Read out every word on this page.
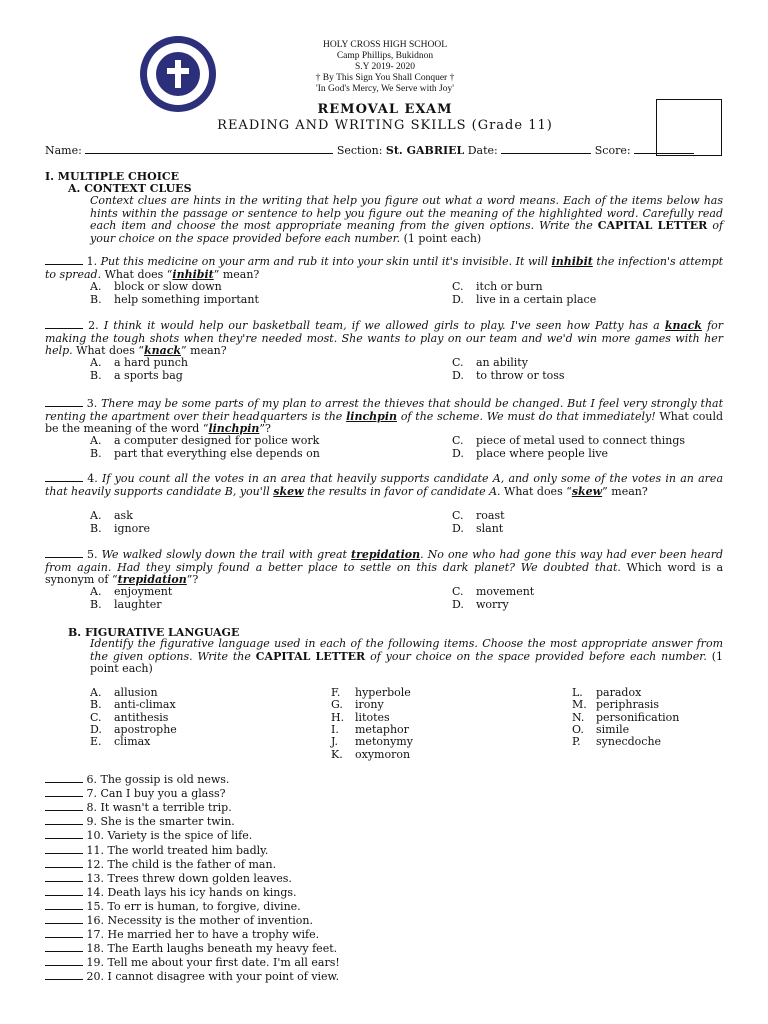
HOLY CROSS HIGH SCHOOL
Camp Phillips, Bukidnon
S.Y 2019- 2020
† By This Sign You Shall Conquer †
'In God's Mercy, We Serve with Joy'
REMOVAL EXAM
READING AND WRITING SKILLS (Grade 11)
Name:	Section: St. GABRIEL Date:	Score:
I. MULTIPLE CHOICE
A. CONTEXT CLUES
Context clues are hints in the writing that help you figure out what a word means. Each of the items below has hints within the passage or sentence to help you figure out the meaning of the highlighted word. Carefully read each item and choose the most appropriate meaning from the given options. Write the CAPITAL LETTER of your choice on the space provided before each number. (1 point each)
1. Put this medicine on your arm and rub it into your skin until it's invisible. It will inhibit the infection's attempt to spread. What does “inhibit” mean?
A. block or slow down
B. help something important
C. itch or burn
D. live in a certain place
2. I think it would help our basketball team, if we allowed girls to play. I've seen how Patty has a knack for making the tough shots when they're needed most. She wants to play on our team and we'd win more games with her help. What does “knack” mean?
A. a hard punch
B. a sports bag
C. an ability
D. to throw or toss
3. There may be some parts of my plan to arrest the thieves that should be changed. But I feel very strongly that renting the apartment over their headquarters is the linchpin of the scheme. We must do that immediately! What could be the meaning of the word “linchpin”?
A. a computer designed for police work
B. part that everything else depends on
C. piece of metal used to connect things
D. place where people live
4. If you count all the votes in an area that heavily supports candidate A, and only some of the votes in an area that heavily supports candidate B, you'll skew the results in favor of candidate A. What does “skew” mean?
A. ask
B. ignore
C. roast
D. slant
5. We walked slowly down the trail with great trepidation. No one who had gone this way had ever been heard from again. Had they simply found a better place to settle on this dark planet? We doubted that. Which word is a synonym of “trepidation”?
A. enjoyment
B. laughter
C. movement
D. worry
B. FIGURATIVE LANGUAGE
Identify the figurative language used in each of the following items. Choose the most appropriate answer from the given options. Write the CAPITAL LETTER of your choice on the space provided before each number. (1 point each)
A. allusion
B. anti-climax
C. antithesis
D. apostrophe
E. climax
F. hyperbole
G. irony
H. litotes
I. metaphor
J. metonymy
K. oxymoron
L. paradox
M. periphrasis
N. personification
O. simile
P. synecdoche
6. The gossip is old news.
7. Can I buy you a glass?
8. It wasn't a terrible trip.
9. She is the smarter twin.
10. Variety is the spice of life.
11. The world treated him badly.
12. The child is the father of man.
13. Trees threw down golden leaves.
14. Death lays his icy hands on kings.
15. To err is human, to forgive, divine.
16. Necessity is the mother of invention.
17. He married her to have a trophy wife.
18. The Earth laughs beneath my heavy feet.
19. Tell me about your first date. I'm all ears!
20. I cannot disagree with your point of view.
